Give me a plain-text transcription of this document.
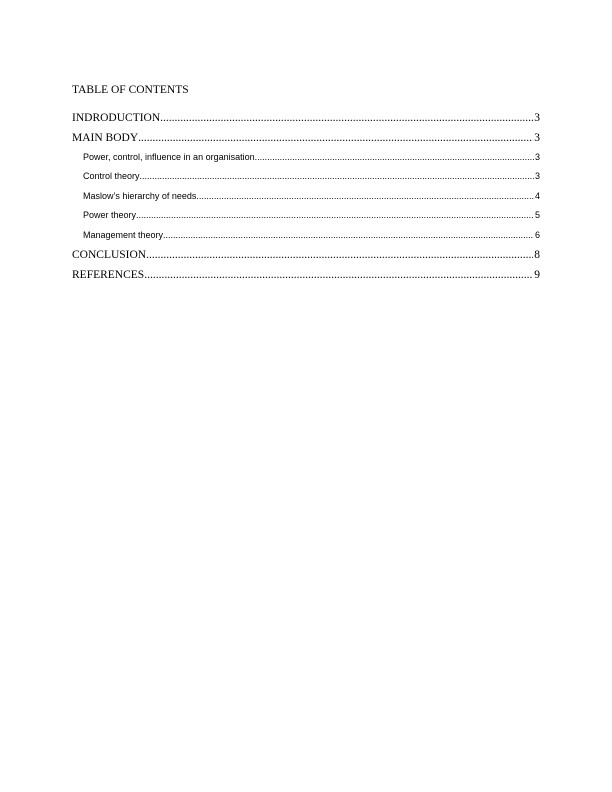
TABLE OF CONTENTS
INDRODUCTION .....	3
MAIN BODY .....	3
Power, control, influence in an organisation .....	3
Control theory .....	3
Maslow’s hierarchy of needs .....	4
Power theory .....	5
Management theory .....	6
CONCLUSION .....	8
REFERENCES .....	9
